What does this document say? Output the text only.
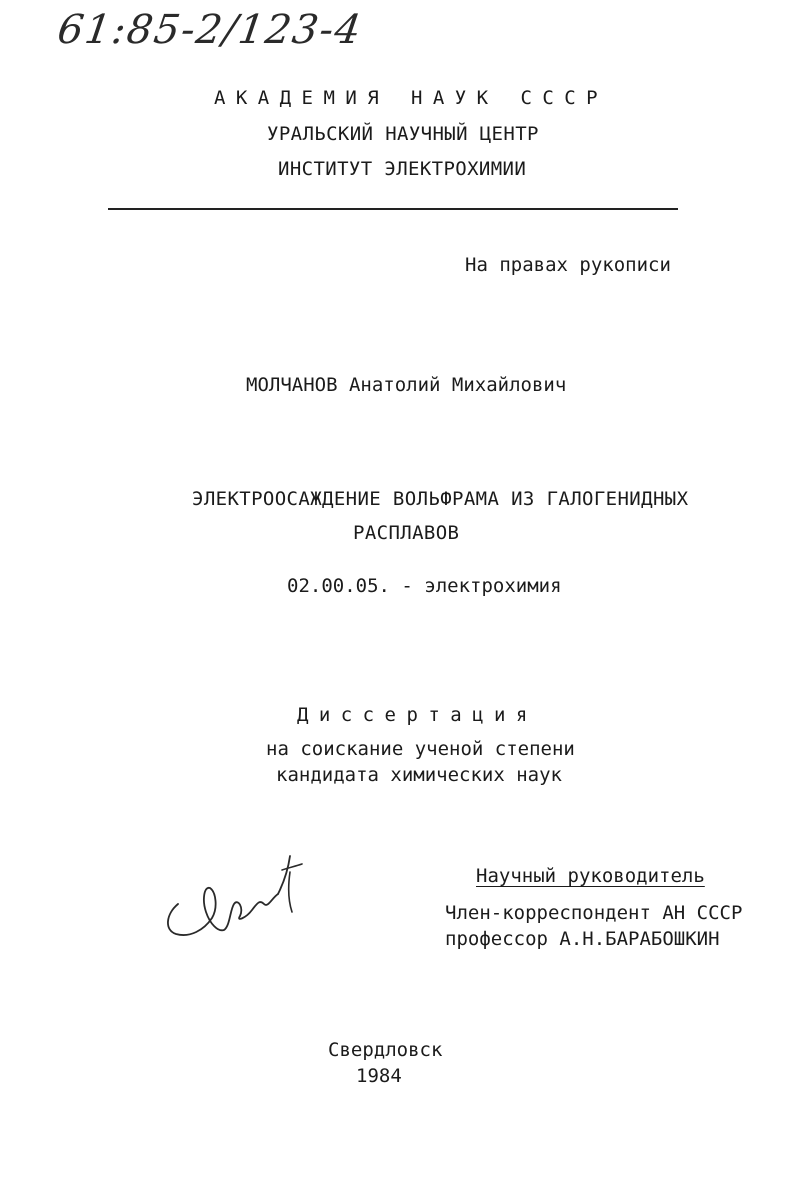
61:85-2/123-4
АКАДЕМИЯ НАУК СССР
УРАЛЬСКИЙ НАУЧНЫЙ ЦЕНТР
ИНСТИТУТ ЭЛЕКТРОХИМИИ
На правах рукописи
МОЛЧАНОВ Анатолий Михайлович
ЭЛЕКТРООСАЖДЕНИЕ ВОЛЬФРАМА ИЗ ГАЛОГЕНИДНЫХ
РАСПЛАВОВ
02.00.05. - электрохимия
Диссертация
на соискание ученой степени
кандидата химических наук
Научный руководитель
Член-корреспондент АН СССР
профессор А.Н.БАРАБОШКИН
Свердловск
1984
